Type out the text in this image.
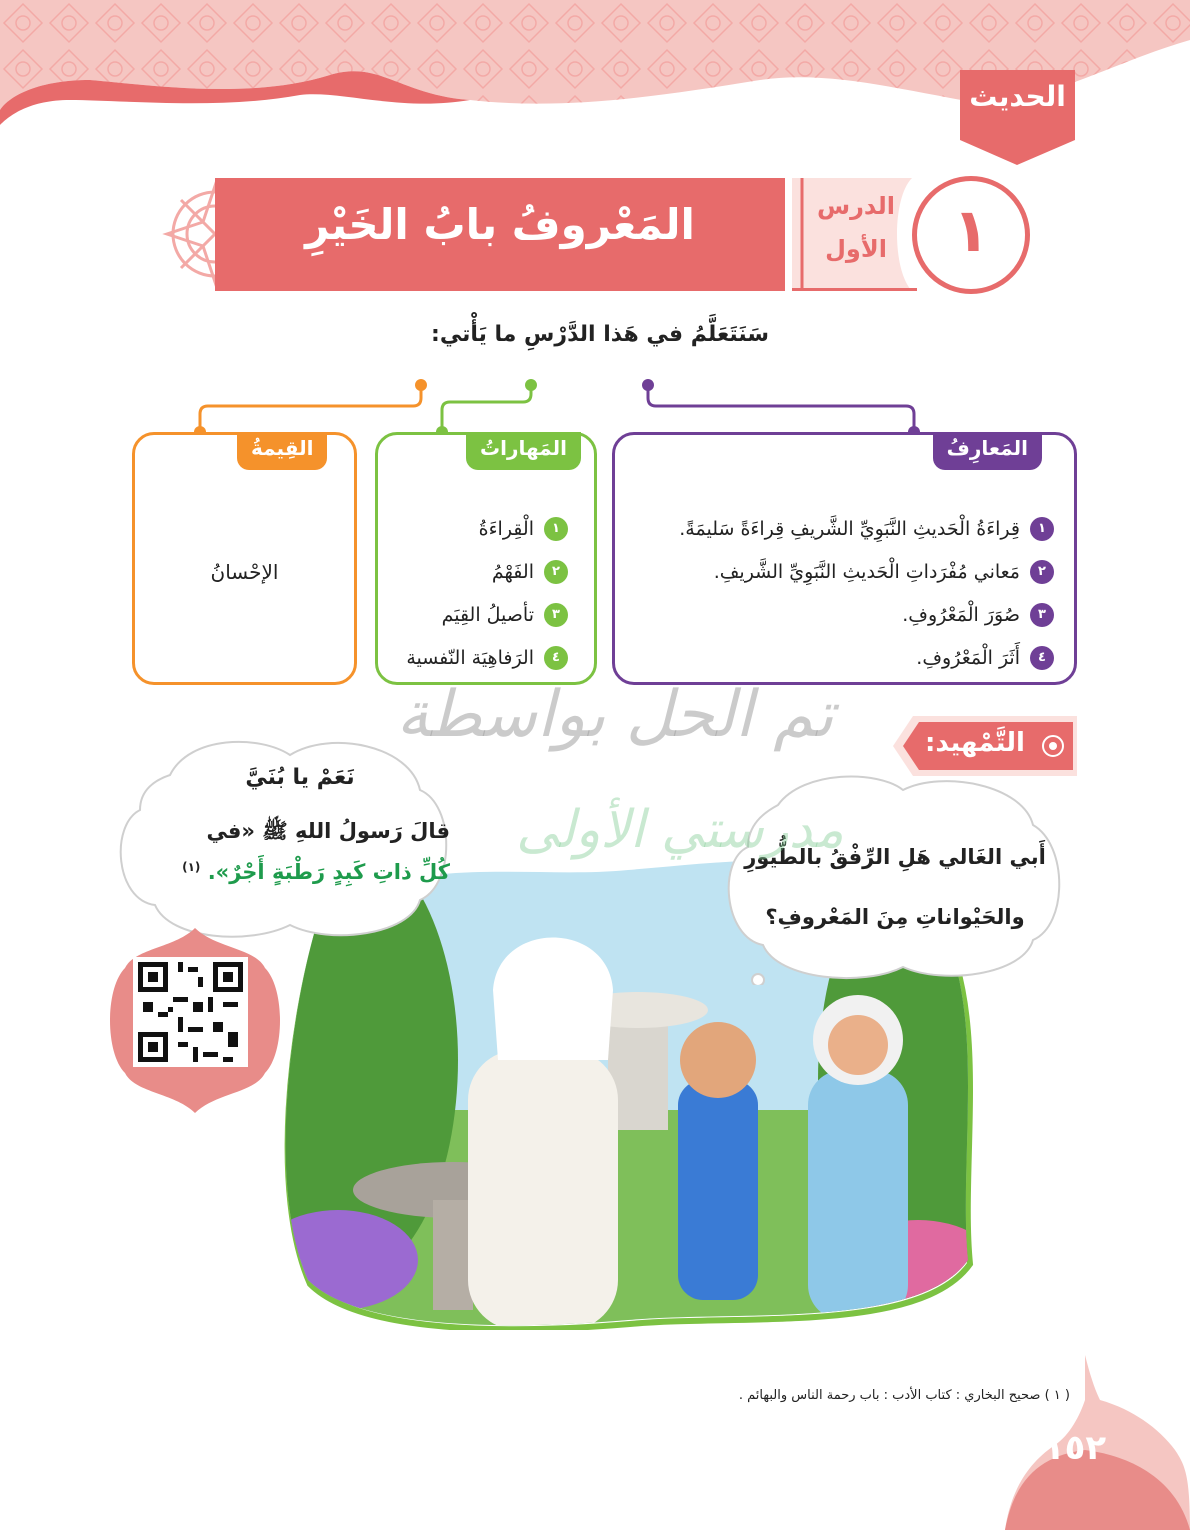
الحديث
المَعْروفُ بابُ الخَيْرِ	الدرس
الأول	١
سَنَتَعَلَّمُ في هَذا الدَّرْسِ ما يَأْتي:
المَعارِفُ
١
قِراءَةُ الْحَديثِ النَّبَوِيِّ الشَّريفِ قِراءَةً سَليمَةً.
٢
مَعاني مُفْرَداتِ الْحَديثِ النَّبَوِيِّ الشَّريفِ.
٣
صُوَرَ الْمَعْرُوفِ.
٤
أَثَرَ الْمَعْرُوفِ.
المَهاراتُ
١
الْقِراءَةُ
٢
الفَهْمُ
٣
تأصيلُ القِيَم
٤
الرَفاهِيَة النّفسية
القِيمةُ
الإحْسانُ
نَعَمْ يا بُنَيَّ
قالَ رَسولُ اللهِ ﷺ «في
كُلِّ ذاتِ كَبِدٍ رَطْبَةٍ أَجْرٌ». $^{(١)}$	أَبي الغَالي هَلِ الرِّفْقُ بالطُّيورِ
والحَيْواناتِ مِنَ المَعْروفِ؟
تم الحل بواسطة
مدرستي الأولى
التَّمْهيد:
( ١ ) صحيح البخاري : كتاب الأدب : باب رحمة الناس والبهائم .
١٥٢
